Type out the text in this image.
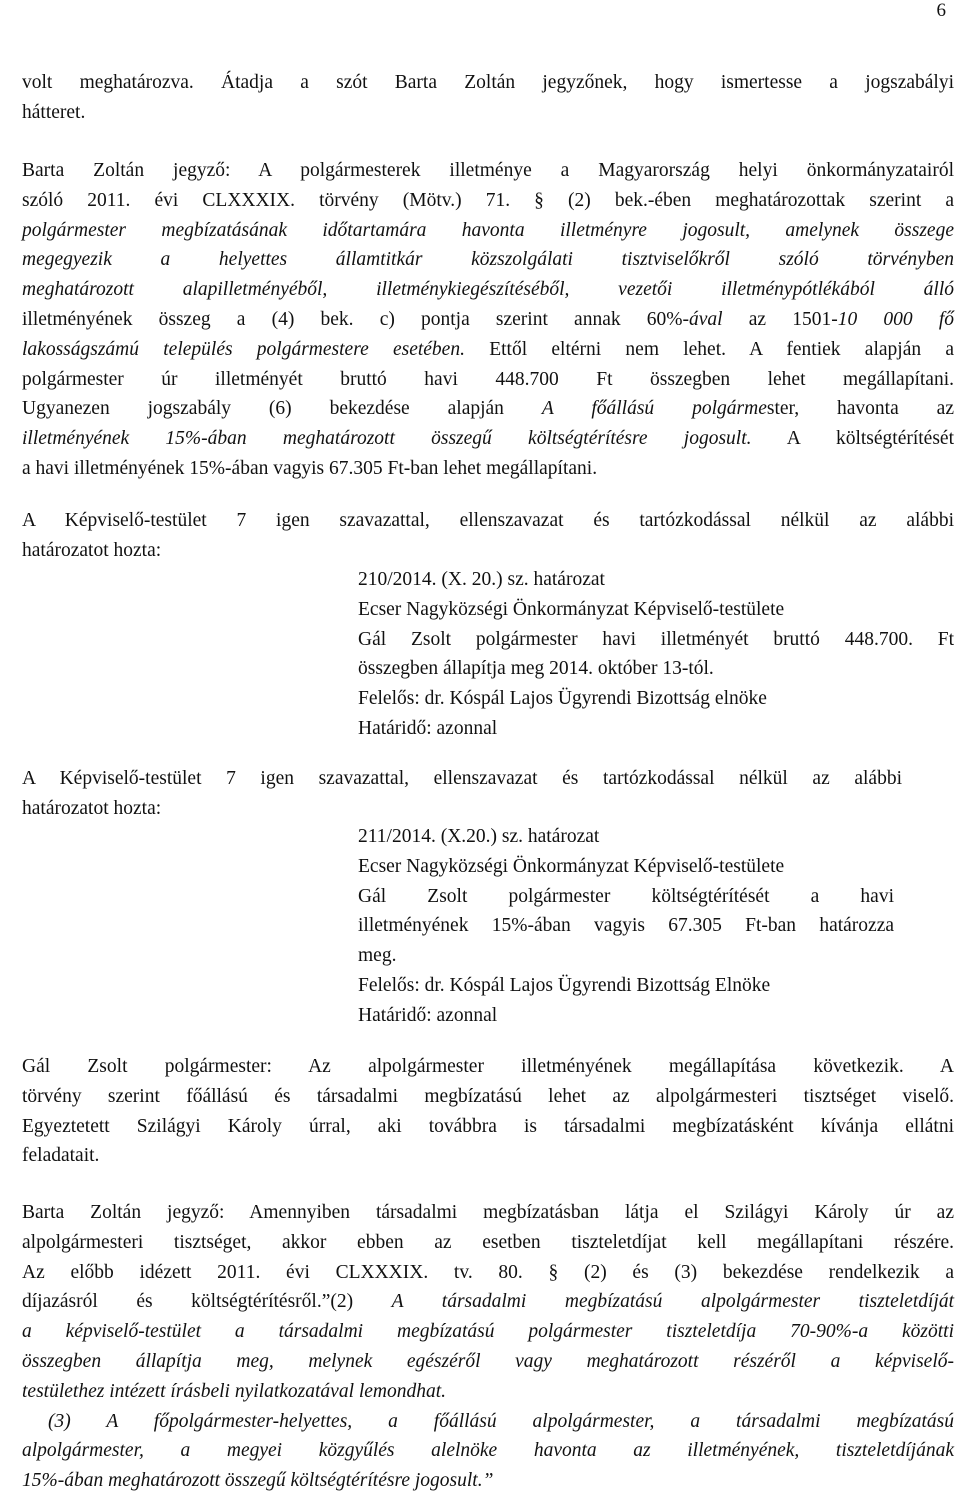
6
volt meghatározva. Átadja a szót Barta Zoltán jegyzőnek, hogy ismertesse a jogszabályi
hátteret.
Barta Zoltán jegyző: A polgármesterek illetménye a Magyarország helyi önkormányzatairól
szóló 2011. évi CLXXXIX. törvény (Mötv.) 71. § (2) bek.-ében meghatározottak szerint a
polgármester megbízatásának időtartamára havonta illetményre jogosult, amelynek összege
megegyezik a helyettes államtitkár közszolgálati tisztviselőkről szóló törvényben
meghatározott alapilletményéből, illetménykiegészítéséből, vezetői illetménypótlékából álló
illetményének összeg a (4) bek. c) pontja szerint annak 60%-ával az 1501-10 000 fő
lakosságszámú település polgármestere esetében. Ettől eltérni nem lehet. A fentiek alapján a
polgármester úr illetményét bruttó havi 448.700 Ft összegben lehet megállapítani.
Ugyanezen jogszabály (6) bekezdése alapján A főállású polgármester, havonta az
illetményének 15%-ában meghatározott összegű költségtérítésre jogosult. A költségtérítését
a havi illetményének 15%-ában vagyis 67.305 Ft-ban lehet megállapítani.
A Képviselő-testület 7 igen szavazattal, ellenszavazat és tartózkodással nélkül az alábbi
határozatot hozta:
210/2014. (X. 20.) sz. határozat
Ecser Nagyközségi Önkormányzat Képviselő-testülete
Gál Zsolt polgármester havi illetményét bruttó 448.700. Ft
összegben állapítja meg 2014. október 13-tól.
Felelős: dr. Kóspál Lajos Ügyrendi Bizottság elnöke
Határidő: azonnal
A Képviselő-testület 7 igen szavazattal, ellenszavazat és tartózkodással nélkül az alábbi
határozatot hozta:
211/2014. (X.20.) sz. határozat
Ecser Nagyközségi Önkormányzat Képviselő-testülete
Gál Zsolt polgármester költségtérítését a havi
illetményének 15%-ában vagyis 67.305 Ft-ban határozza
meg.
Felelős: dr. Kóspál Lajos Ügyrendi Bizottság Elnöke
Határidő: azonnal
Gál Zsolt polgármester: Az alpolgármester illetményének megállapítása következik. A
törvény szerint főállású és társadalmi megbízatású lehet az alpolgármesteri tisztséget viselő.
Egyeztetett Szilágyi Károly úrral, aki továbbra is társadalmi megbízatásként kívánja ellátni
feladatait.
Barta Zoltán jegyző: Amennyiben társadalmi megbízatásban látja el Szilágyi Károly úr az
alpolgármesteri tisztséget, akkor ebben az esetben tiszteletdíjat kell megállapítani részére.
Az előbb idézett 2011. évi CLXXXIX. tv. 80. § (2) és (3) bekezdése rendelkezik a
díjazásról és költségtérítésről.”(2) A társadalmi megbízatású alpolgármester tiszteletdíját
a képviselő-testület a társadalmi megbízatású polgármester tiszteletdíja 70-90%-a közötti
összegben állapítja meg, melynek egészéről vagy meghatározott részéről a képviselő-
testülethez intézett írásbeli nyilatkozatával lemondhat.
(3) A főpolgármester-helyettes, a főállású alpolgármester, a társadalmi megbízatású
alpolgármester, a megyei közgyűlés alelnöke havonta az illetményének, tiszteletdíjának
15%-ában meghatározott összegű költségtérítésre jogosult.”
